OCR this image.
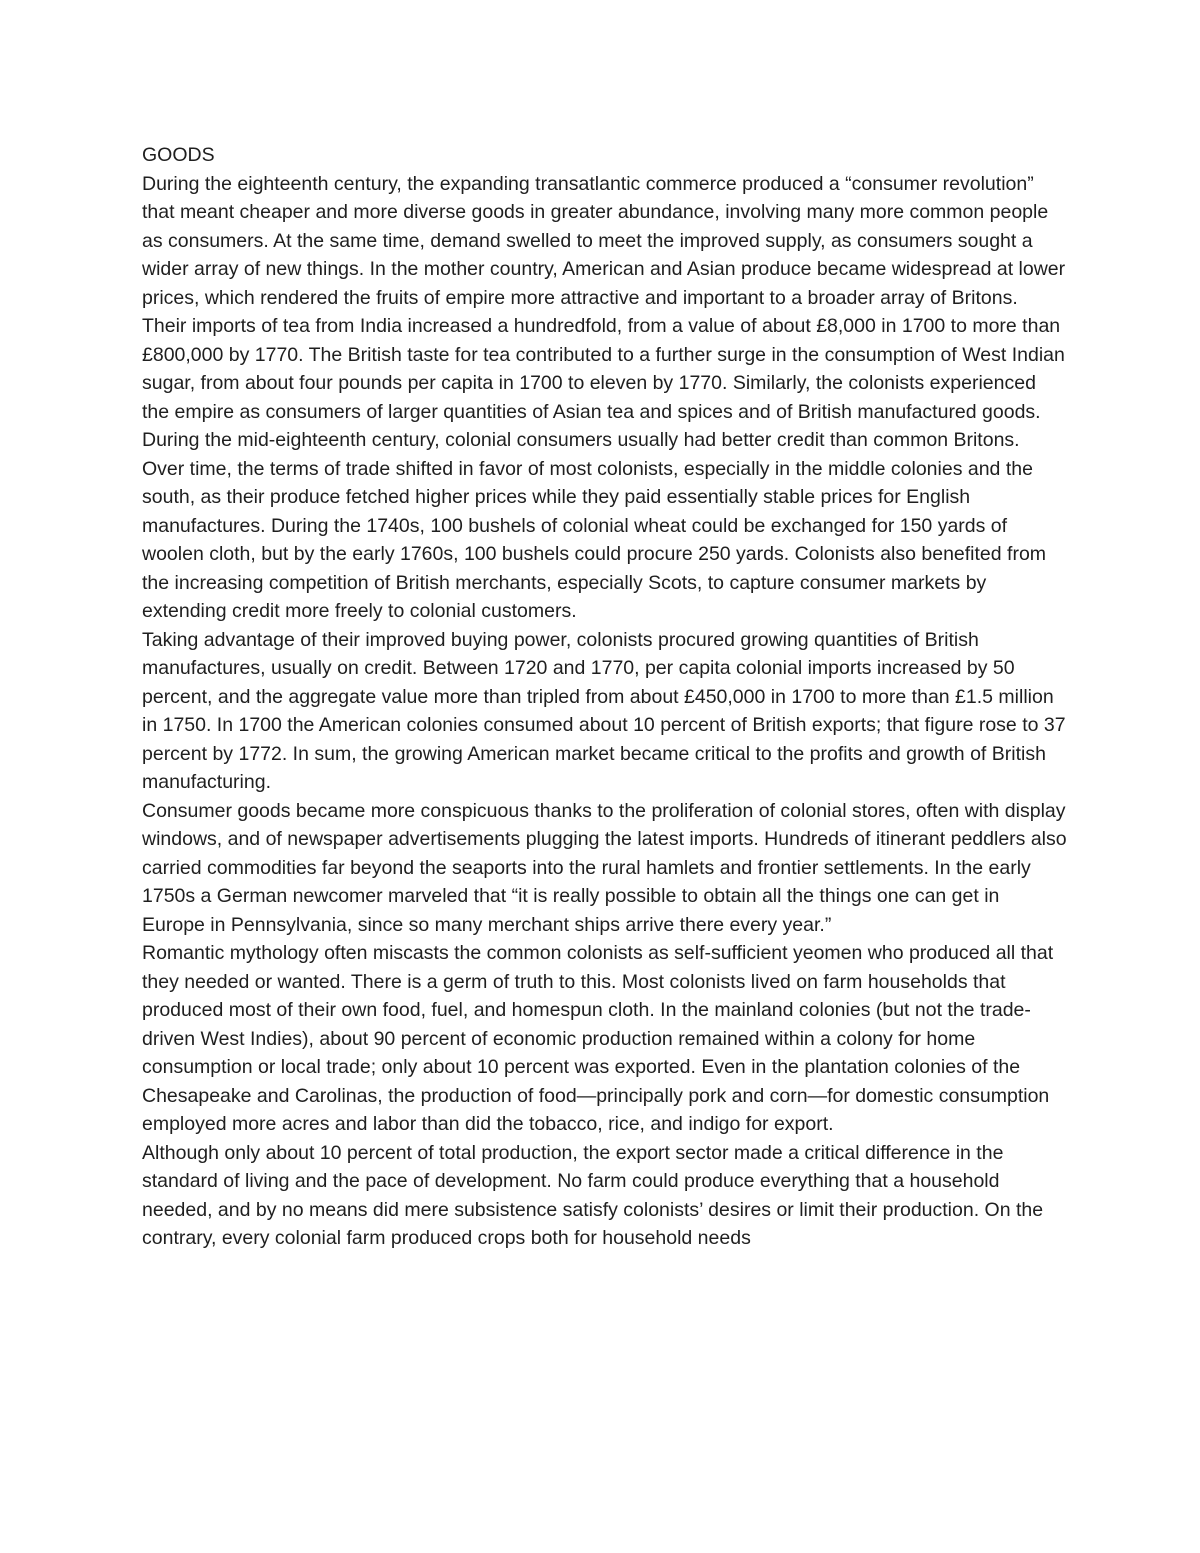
GOODS

During the eighteenth century, the expanding transatlantic commerce produced a “consumer revolution” that meant cheaper and more diverse goods in greater abundance, involving many more common people as consumers. At the same time, demand swelled to meet the improved supply, as consumers sought a wider array of new things. In the mother country, American and Asian produce became widespread at lower prices, which rendered the fruits of empire more attractive and important to a broader array of Britons. Their imports of tea from India increased a hundredfold, from a value of about £8,000 in 1700 to more than £800,000 by 1770. The British taste for tea contributed to a further surge in the consumption of West Indian sugar, from about four pounds per capita in 1700 to eleven by 1770. Similarly, the colonists experienced the empire as consumers of larger quantities of Asian tea and spices and of British manufactured goods.

During the mid-eighteenth century, colonial consumers usually had better credit than common Britons. Over time, the terms of trade shifted in favor of most colonists, especially in the middle colonies and the south, as their produce fetched higher prices while they paid essentially stable prices for English manufactures. During the 1740s, 100 bushels of colonial wheat could be exchanged for 150 yards of woolen cloth, but by the early 1760s, 100 bushels could procure 250 yards. Colonists also benefited from the increasing competition of British merchants, especially Scots, to capture consumer markets by extending credit more freely to colonial customers.

Taking advantage of their improved buying power, colonists procured growing quantities of British manufactures, usually on credit. Between 1720 and 1770, per capita colonial imports increased by 50 percent, and the aggregate value more than tripled from about £450,000 in 1700 to more than £1.5 million in 1750. In 1700 the American colonies consumed about 10 percent of British exports; that figure rose to 37 percent by 1772. In sum, the growing American market became critical to the profits and growth of British manufacturing.

Consumer goods became more conspicuous thanks to the proliferation of colonial stores, often with display windows, and of newspaper advertisements plugging the latest imports. Hundreds of itinerant peddlers also carried commodities far beyond the seaports into the rural hamlets and frontier settlements. In the early 1750s a German newcomer marveled that “it is really possible to obtain all the things one can get in Europe in Pennsylvania, since so many merchant ships arrive there every year.”

Romantic mythology often miscasts the common colonists as self-sufficient yeomen who produced all that they needed or wanted. There is a germ of truth to this. Most colonists lived on farm households that produced most of their own food, fuel, and homespun cloth. In the mainland colonies (but not the trade-driven West Indies), about 90 percent of economic production remained within a colony for home consumption or local trade; only about 10 percent was exported. Even in the plantation colonies of the Chesapeake and Carolinas, the production of food—principally pork and corn—for domestic consumption employed more acres and labor than did the tobacco, rice, and indigo for export.

Although only about 10 percent of total production, the export sector made a critical difference in the standard of living and the pace of development. No farm could produce everything that a household needed, and by no means did mere subsistence satisfy colonists’ desires or limit their production. On the contrary, every colonial farm produced crops both for household needs
